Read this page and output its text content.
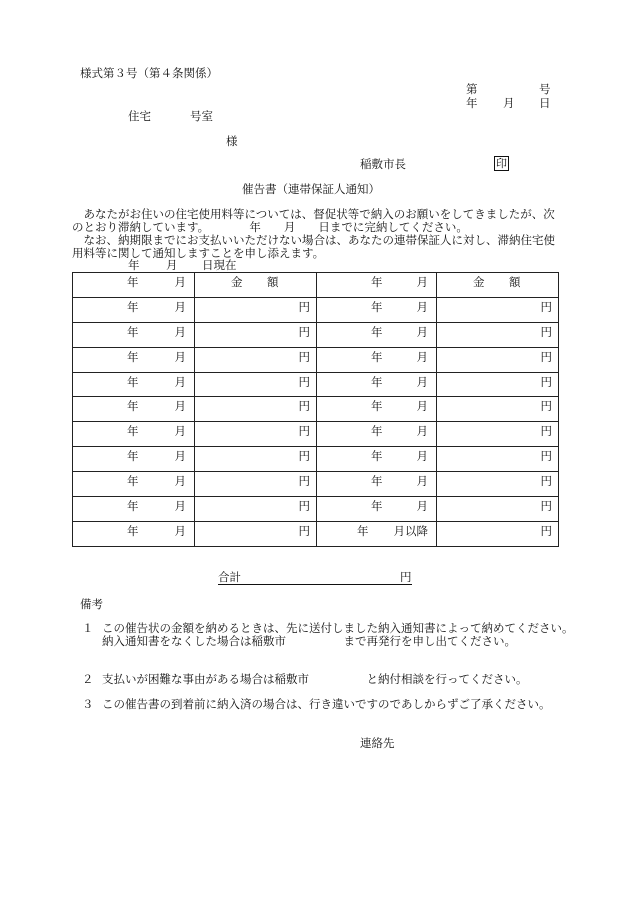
様式第３号（第４条関係）
第	号
年 月 日
住宅	号室
様
稲敷市長	印
催告書（連帯保証人通知）
あなたがお住いの住宅使用料等については、督促状等で納入のお願いをしてきましたが、次のとおり滞納しています。　　　　年　　月　　日までに完納してください。
なお、納期限までにお支払いいただけない場合は、あなたの連帯保証人に対し、滞納住宅使用料等に関して通知しますことを申し添えます。
年 月 日現在
年 月	金 額	年 月	金 額

年 月	円	年 月	円

年 月	円	年 月	円

年 月	円	年 月	円

年 月	円	年 月	円

年 月	円	年 月	円

年 月	円	年 月	円

年 月	円	年 月	円

年 月	円	年 月	円

年 月	円	年 月	円

年 月	円	年 月以降	円
合計	円
備考
１ この催告状の金額を納めるときは、先に送付しました納入通知書によって納めてください。納入通知書をなくした場合は稲敷市　　　　　まで再発行を申し出てください。
２ 支払いが困難な事由がある場合は稲敷市　　　　　と納付相談を行ってください。
３ この催告書の到着前に納入済の場合は、行き違いですのであしからずご了承ください。
連絡先
